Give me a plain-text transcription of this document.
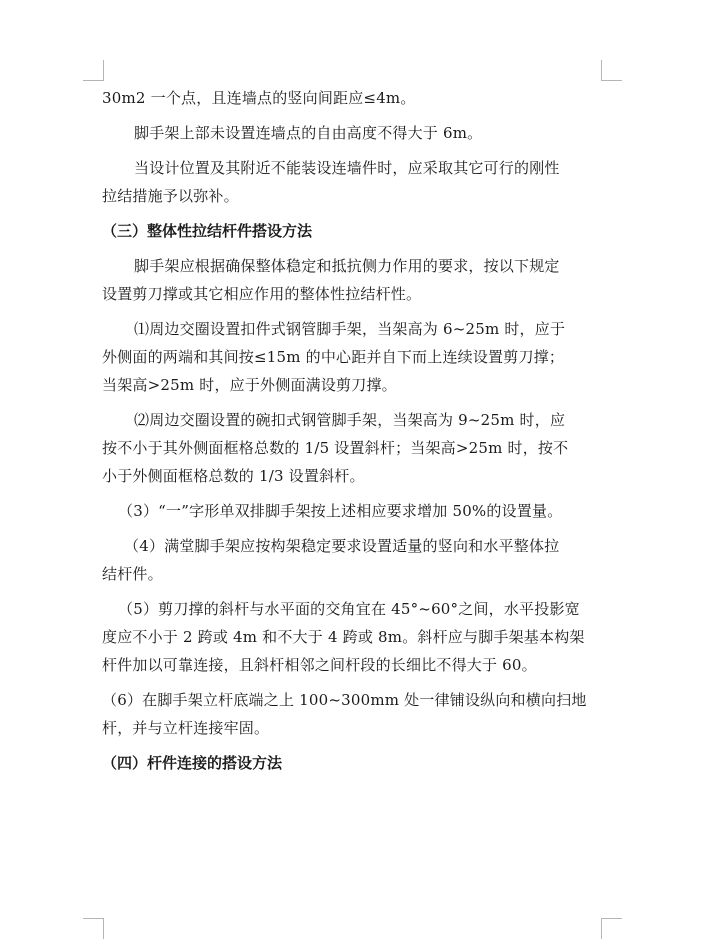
30m2 一个点，且连墙点的竖向间距应≤4m。

脚手架上部未设置连墙点的自由高度不得大于 6m。

当设计位置及其附近不能装设连墙件时，应采取其它可行的刚性
拉结措施予以弥补。

（三）整体性拉结杆件搭设方法

脚手架应根据确保整体稳定和抵抗侧力作用的要求，按以下规定
设置剪刀撑或其它相应作用的整体性拉结杆性。

⑴周边交圈设置扣件式钢管脚手架，当架高为 6~25m 时，应于
外侧面的两端和其间按≤15m 的中心距并自下而上连续设置剪刀撑；
当架高>25m 时，应于外侧面满设剪刀撑。

⑵周边交圈设置的碗扣式钢管脚手架，当架高为 9~25m 时，应
按不小于其外侧面框格总数的 1/5 设置斜杆；当架高>25m 时，按不
小于外侧面框格总数的 1/3 设置斜杆。

（3）“一”字形单双排脚手架按上述相应要求增加 50%的设置量。

（4）满堂脚手架应按构架稳定要求设置适量的竖向和水平整体拉
结杆件。

（5）剪刀撑的斜杆与水平面的交角宜在 45°~60°之间，水平投影宽
度应不小于 2 跨或 4m 和不大于 4 跨或 8m。斜杆应与脚手架基本构架
杆件加以可靠连接，且斜杆相邻之间杆段的长细比不得大于 60。

（6）在脚手架立杆底端之上 100~300mm 处一律铺设纵向和横向扫地
杆，并与立杆连接牢固。

（四）杆件连接的搭设方法
